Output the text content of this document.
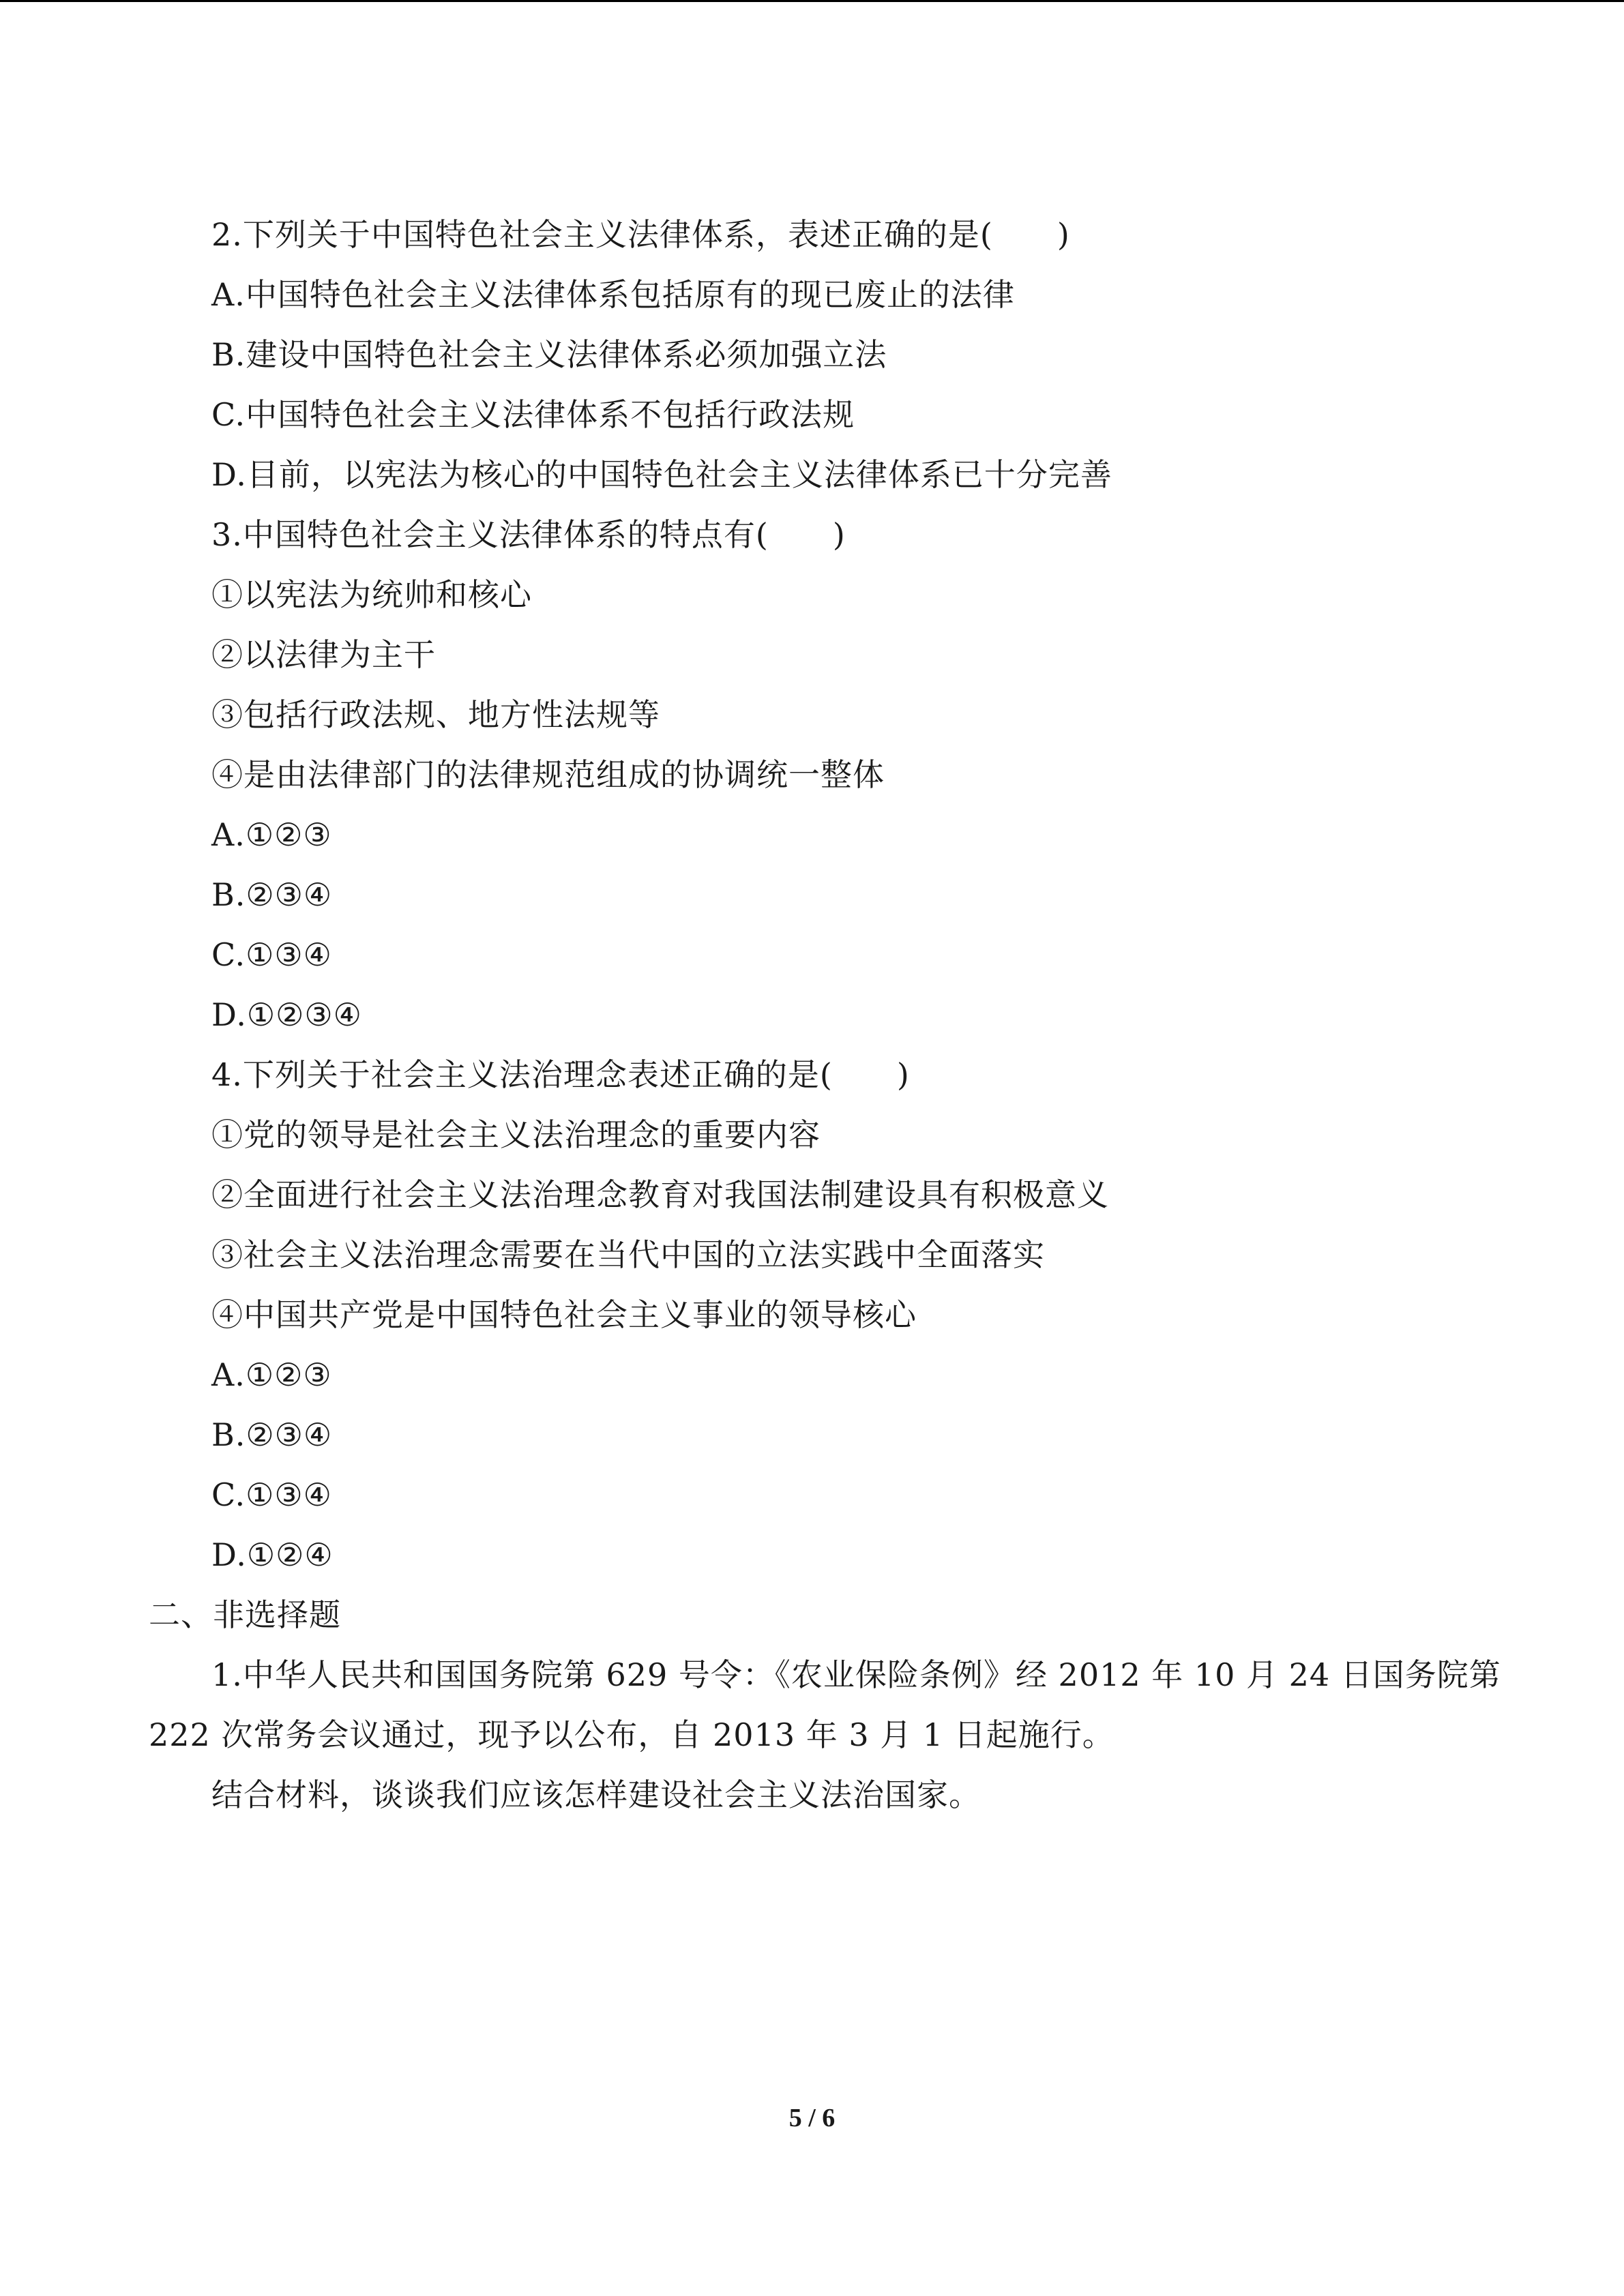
2.下列关于中国特色社会主义法律体系，表述正确的是(　　)
A.中国特色社会主义法律体系包括原有的现已废止的法律
B.建设中国特色社会主义法律体系必须加强立法
C.中国特色社会主义法律体系不包括行政法规
D.目前，以宪法为核心的中国特色社会主义法律体系已十分完善
3.中国特色社会主义法律体系的特点有(　　)
①以宪法为统帅和核心
②以法律为主干
③包括行政法规、地方性法规等
④是由法律部门的法律规范组成的协调统一整体
A.①②③
B.②③④
C.①③④
D.①②③④
4.下列关于社会主义法治理念表述正确的是(　　)
①党的领导是社会主义法治理念的重要内容
②全面进行社会主义法治理念教育对我国法制建设具有积极意义
③社会主义法治理念需要在当代中国的立法实践中全面落实
④中国共产党是中国特色社会主义事业的领导核心
A.①②③
B.②③④
C.①③④
D.①②④
二、非选择题
1.中华人民共和国国务院第 629 号令：《农业保险条例》经 2012 年 10 月 24 日国务院第
222 次常务会议通过，现予以公布，自 2013 年 3 月 1 日起施行。
结合材料，谈谈我们应该怎样建设社会主义法治国家。
5 / 6
